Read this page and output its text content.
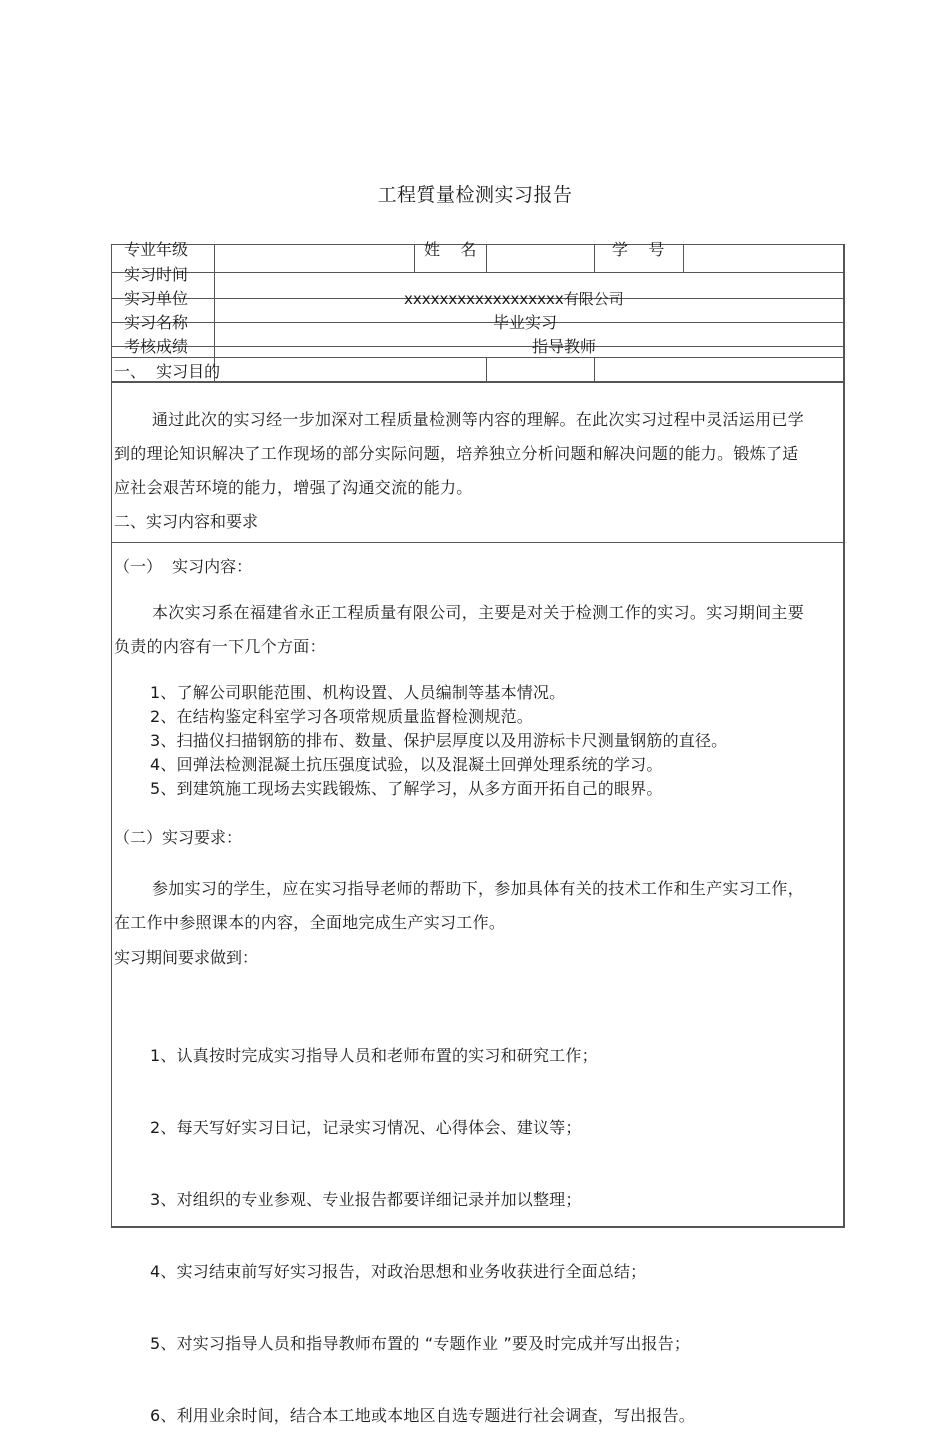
工程質量检测实习报告
专业年级	姓    名	学    号
实习时间
实习单位	xxxxxxxxxxxxxxxxxx有限公司
实习名称	毕业实习
考核成绩	指导教师
一、  实习目的
通过此次的实习经一步加深对工程质量检测等内容的理解。在此次实习过程中灵活运用已学到的理论知识解决了工作现场的部分实际问题，培养独立分析问题和解决问题的能力。锻炼了适应社会艰苦环境的能力，增强了沟通交流的能力。
二、实习内容和要求
（一）  实习内容：
本次实习系在福建省永正工程质量有限公司，主要是对关于检测工作的实习。实习期间主要负责的内容有一下几个方面：
1、了解公司职能范围、机构设置、人员编制等基本情况。
2、在结构鉴定科室学习各项常规质量监督检测规范。
3、扫描仪扫描钢筋的排布、数量、保护层厚度以及用游标卡尺测量钢筋的直径。
4、回弹法检测混凝土抗压强度试验，以及混凝土回弹处理系统的学习。
5、到建筑施工现场去实践锻炼、了解学习，从多方面开拓自己的眼界。
（二）实习要求：
参加实习的学生，应在实习指导老师的帮助下，参加具体有关的技术工作和生产实习工作，在工作中参照课本的内容，全面地完成生产实习工作。
实习期间要求做到：

1、认真按时完成实习指导人员和老师布置的实习和研究工作；

2、每天写好实习日记，记录实习情况、心得体会、建议等；

3、对组织的专业参观、专业报告都要详细记录并加以整理；

4、实习结束前写好实习报告，对政治思想和业务收获进行全面总结；

5、对实习指导人员和指导教师布置的 “专题作业 ”要及时完成并写出报告；

6、利用业余时间，结合本工地或本地区自选专题进行社会调查，写出报告。
